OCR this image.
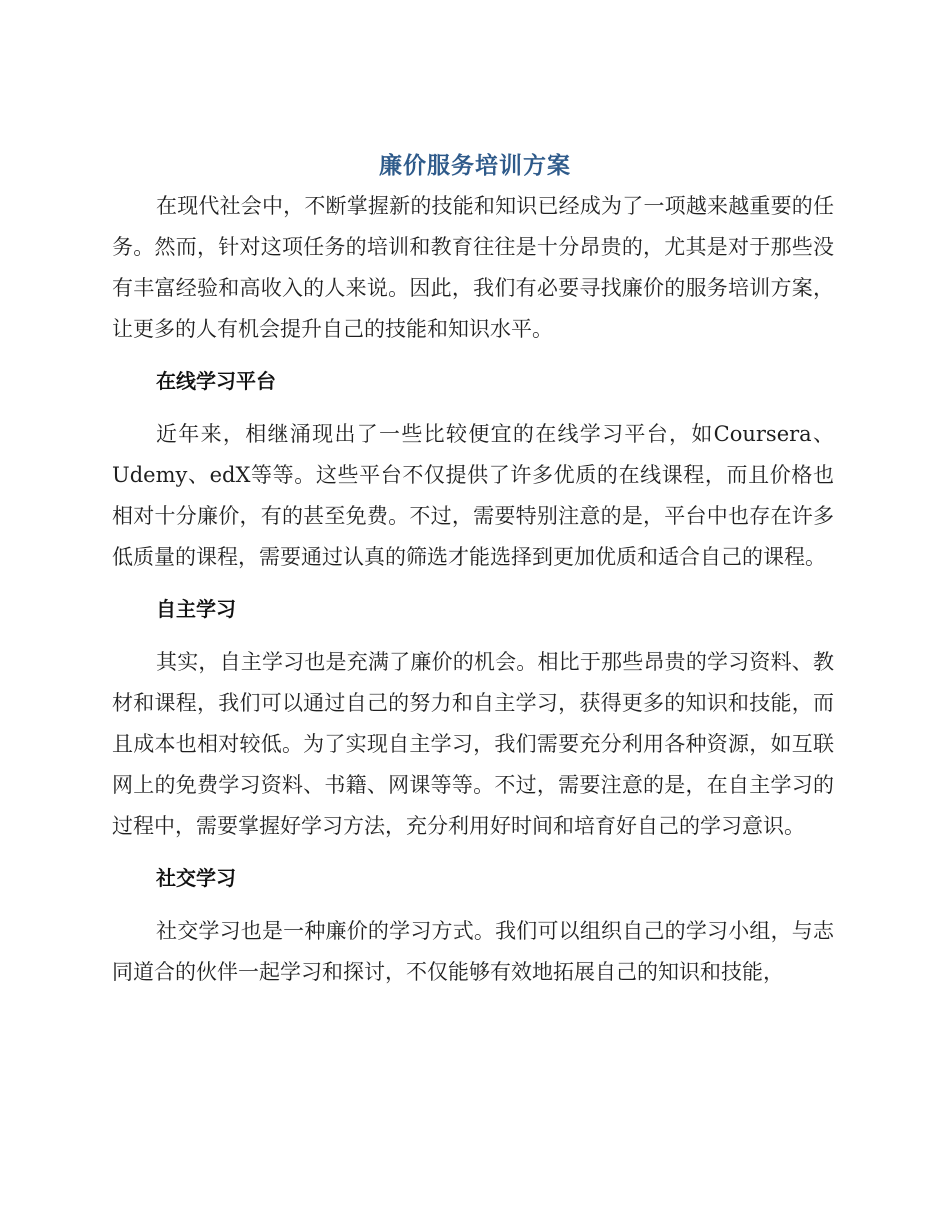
廉价服务培训方案

在现代社会中，不断掌握新的技能和知识已经成为了一项越来越重要的任务。然而，针对这项任务的培训和教育往往是十分昂贵的，尤其是对于那些没有丰富经验和高收入的人来说。因此，我们有必要寻找廉价的服务培训方案，让更多的人有机会提升自己的技能和知识水平。

在线学习平台

近年来，相继涌现出了一些比较便宜的在线学习平台，如Coursera、Udemy、edX等等。这些平台不仅提供了许多优质的在线课程，而且价格也相对十分廉价，有的甚至免费。不过，需要特别注意的是，平台中也存在许多低质量的课程，需要通过认真的筛选才能选择到更加优质和适合自己的课程。

自主学习

其实，自主学习也是充满了廉价的机会。相比于那些昂贵的学习资料、教材和课程，我们可以通过自己的努力和自主学习，获得更多的知识和技能，而且成本也相对较低。为了实现自主学习，我们需要充分利用各种资源，如互联网上的免费学习资料、书籍、网课等等。不过，需要注意的是，在自主学习的过程中，需要掌握好学习方法，充分利用好时间和培育好自己的学习意识。

社交学习

社交学习也是一种廉价的学习方式。我们可以组织自己的学习小组，与志同道合的伙伴一起学习和探讨，不仅能够有效地拓展自己的知识和技能，
